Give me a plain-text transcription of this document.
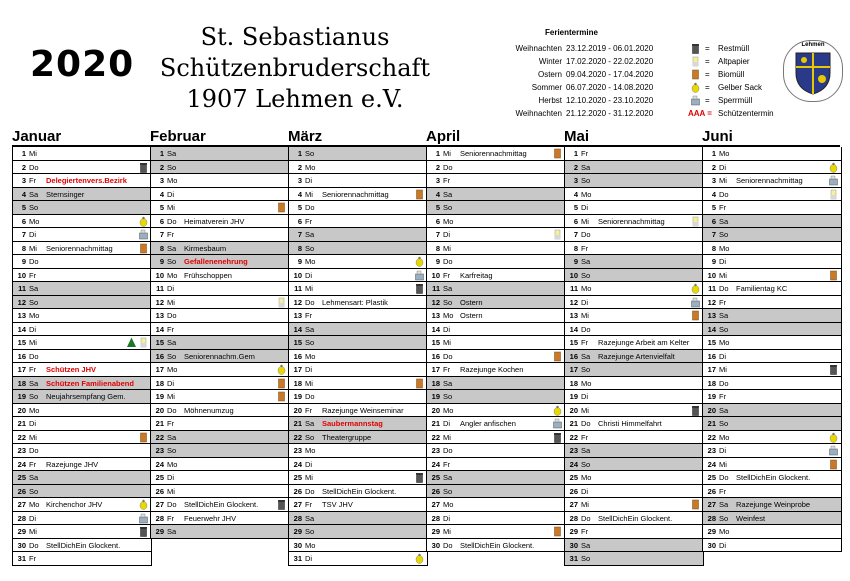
2020
St. Sebastianus
Schützenbruderschaft
1907 Lehmen e.V.
Ferientermine
Weihnachten 23.12.2019 - 06.01.2020	= Restmüll
Winter 17.02.2020 - 22.02.2020	= Altpapier
Ostern 09.04.2020 - 17.04.2020	= Biomüll
Sommer 06.07.2020 - 14.08.2020	= Gelber Sack
Herbst 12.10.2020 - 23.10.2020	= Sperrmüll
Weihnachten 21.12.2020 - 31.12.2020	AAA = Schützentermin
Lehmen
Januar
1 Mi
2 Do
3 Fr Delegiertenvers.Bezirk
4 Sa Sternsinger
5 So
6 Mo
7 Di
8 Mi Seniorennachmittag
9 Do
10 Fr
11 Sa
12 So
13 Mo
14 Di
15 Mi
16 Do
17 Fr Schützen JHV
18 Sa Schützen Familienabend
19 So Neujahrsempfang Gem.
20 Mo
21 Di
22 Mi
23 Do
24 Fr Razejunge JHV
25 Sa
26 So
27 Mo Kirchenchor JHV
28 Di
29 Mi
30 Do StellDichEin Glockent.
31 Fr
Februar
1 Sa
2 So
3 Mo
4 Di
5 Mi
6 Do Heimatverein JHV
7 Fr
8 Sa Kirmesbaum
9 So Gefallenenehrung
10 Mo Frühschoppen
11 Di
12 Mi
13 Do
14 Fr
15 Sa
16 So Seniorennachm.Gem
17 Mo
18 Di
19 Mi
20 Do Möhnenumzug
21 Fr
22 Sa
23 So
24 Mo
25 Di
26 Mi
27 Do StellDichEin Glockent.
28 Fr Feuerwehr JHV
29 Sa
März
1 So
2 Mo
3 Di
4 Mi Seniorennachmittag
5 Do
6 Fr
7 Sa
8 So
9 Mo
10 Di
11 Mi
12 Do Lehmensart: Plastik
13 Fr
14 Sa
15 So
16 Mo
17 Di
18 Mi
19 Do
20 Fr Razejunge Weinseminar
21 Sa Saubermannstag
22 So Theatergruppe
23 Mo
24 Di
25 Mi
26 Do StellDichEin Glockent.
27 Fr TSV JHV
28 Sa
29 So
30 Mo
31 Di
April
1 Mi Seniorennachmittag
2 Do
3 Fr
4 Sa
5 So
6 Mo
7 Di
8 Mi
9 Do
10 Fr Karfreitag
11 Sa
12 So Ostern
13 Mo Ostern
14 Di
15 Mi
16 Do
17 Fr Razejunge Kochen
18 Sa
19 So
20 Mo
21 Di Angler anfischen
22 Mi
23 Do
24 Fr
25 Sa
26 So
27 Mo
28 Di
29 Mi
30 Do StellDichEin Glockent.
Mai
1 Fr
2 Sa
3 So
4 Mo
5 Di
6 Mi Seniorennachmittag
7 Do
8 Fr
9 Sa
10 So
11 Mo
12 Di
13 Mi
14 Do
15 Fr Razejunge Arbeit am Kelter
16 Sa Razejunge Artenvielfalt
17 So
18 Mo
19 Di
20 Mi
21 Do Christi Himmelfahrt
22 Fr
23 Sa
24 So
25 Mo
26 Di
27 Mi
28 Do StellDichEin Glockent.
29 Fr
30 Sa
31 So
Juni
1 Mo
2 Di
3 Mi Seniorennachmittag
4 Do
5 Fr
6 Sa
7 So
8 Mo
9 Di
10 Mi
11 Do Familientag KC
12 Fr
13 Sa
14 So
15 Mo
16 Di
17 Mi
18 Do
19 Fr
20 Sa
21 So
22 Mo
23 Di
24 Mi
25 Do StellDichEin Glockent.
26 Fr
27 Sa Razejunge Weinprobe
28 So Weinfest
29 Mo
30 Di
